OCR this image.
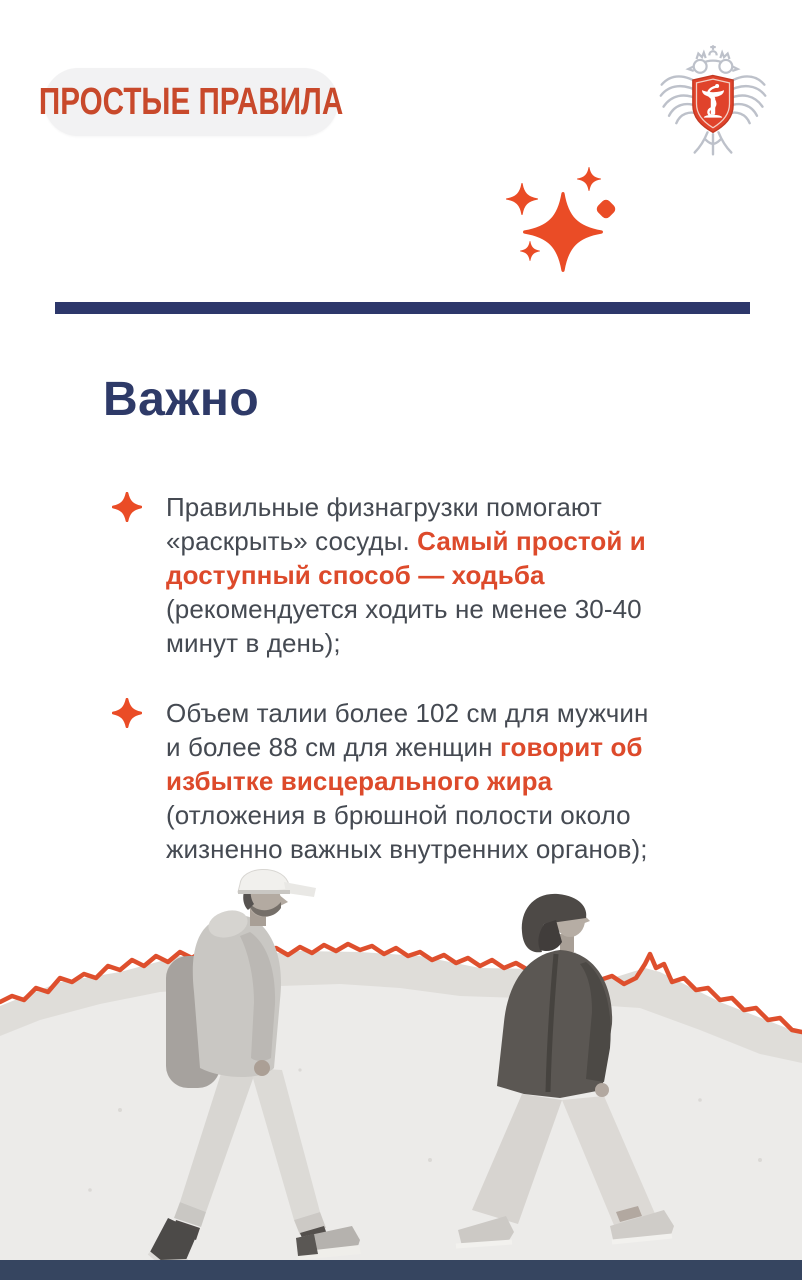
ПРОСТЫЕ ПРАВИЛА
Важно
Правильные физнагрузки помогают «раскрыть» сосуды. Самый простой и доступный способ — ходьба (рекомендуется ходить не менее 30-40 минут в день);
Объем талии более 102 см для мужчин и более 88 см для женщин говорит об избытке висцерального жира (отложения в брюшной полости около жизненно важных внутренних органов);
